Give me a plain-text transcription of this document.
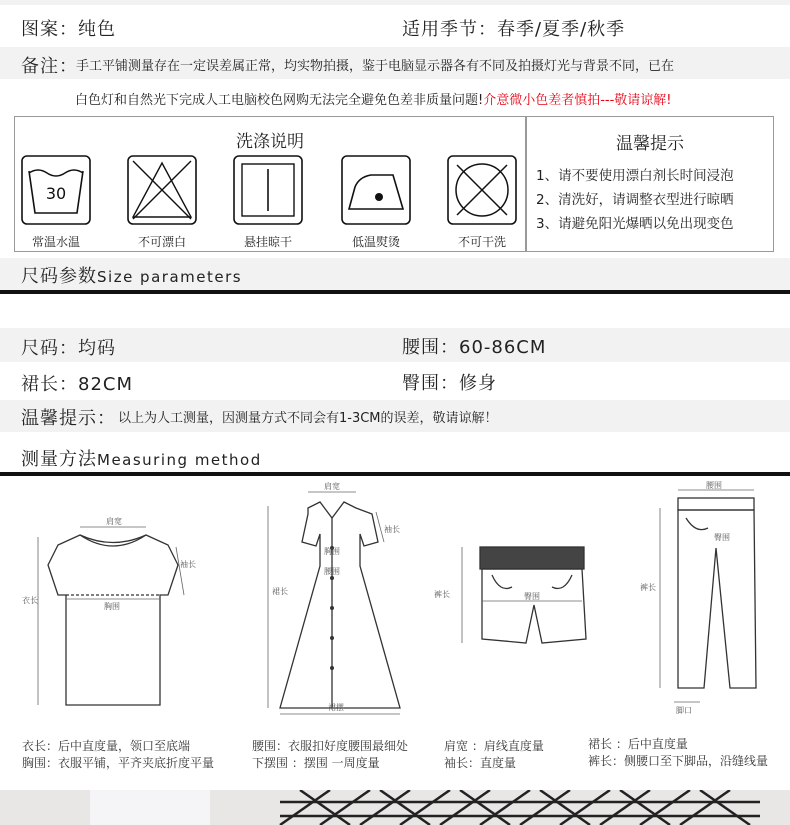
图案：纯色	适用季节：春季/夏季/秋季
备注：
手工平铺测量存在一定误差属正常，均实物拍摄，鉴于电脑显示器各有不同及拍摄灯光与背景不同，已在
白色灯和自然光下完成人工电脑校色网购无法完全避免色差非质量问题!介意微小色差者慎拍---敬请谅解!
洗涤说明
30
常温水温	不可漂白	悬挂晾干	低温熨烫	不可干洗
温馨提示
1、请不要使用漂白剂长时间浸泡
2、清洗好，请调整衣型进行晾晒
3、请避免阳光爆晒以免出现变色
尺码参数Size parameters
尺码：均码	腰围：60-86CM
裙长：82CM	臀围：修身
温馨提示： 以上为人工测量，因测量方式不同会有1-3CM的误差，敬请谅解！
测量方法Measuring method
肩宽
袖长
胸围
衣长
肩宽
袖长
胸围
腰围
裙长
裙摆
裤长	臀围
腰围
臀围
裤长
脚口
衣长：后中直度量，领口至底端
胸围：衣服平铺，平齐夹底折度平量
腰围：衣服扣好度腰围最细处
下摆围 ：摆围 一周度量
肩宽 ：肩线直度量
袖长：直度量
裙长 ：后中直度量
裤长：侧腰口至下脚品，沿缝线量
